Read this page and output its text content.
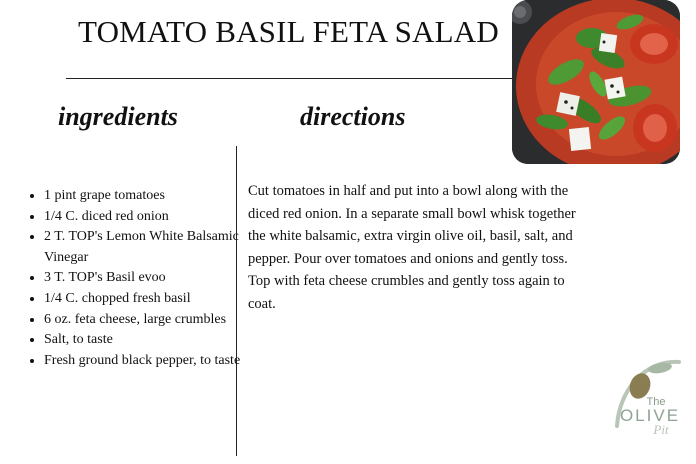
TOMATO BASIL FETA SALAD
ingredients	directions
• 1 pint grape tomatoes
• 1/4 C. diced red onion
• 2 T. TOP's Lemon White Balsamic Vinegar
• 3 T. TOP's Basil evoo
• 1/4 C. chopped fresh basil
• 6 oz. feta cheese, large crumbles
• Salt, to taste
• Fresh ground black pepper, to taste

Cut tomatoes in half and put into a bowl along with the diced red onion. In a separate small bowl whisk together the white balsamic, extra virgin olive oil, basil, salt, and pepper. Pour over tomatoes and onions and gently toss. Top with feta cheese crumbles and gently toss again to coat.

The
OLIVE
Pit
